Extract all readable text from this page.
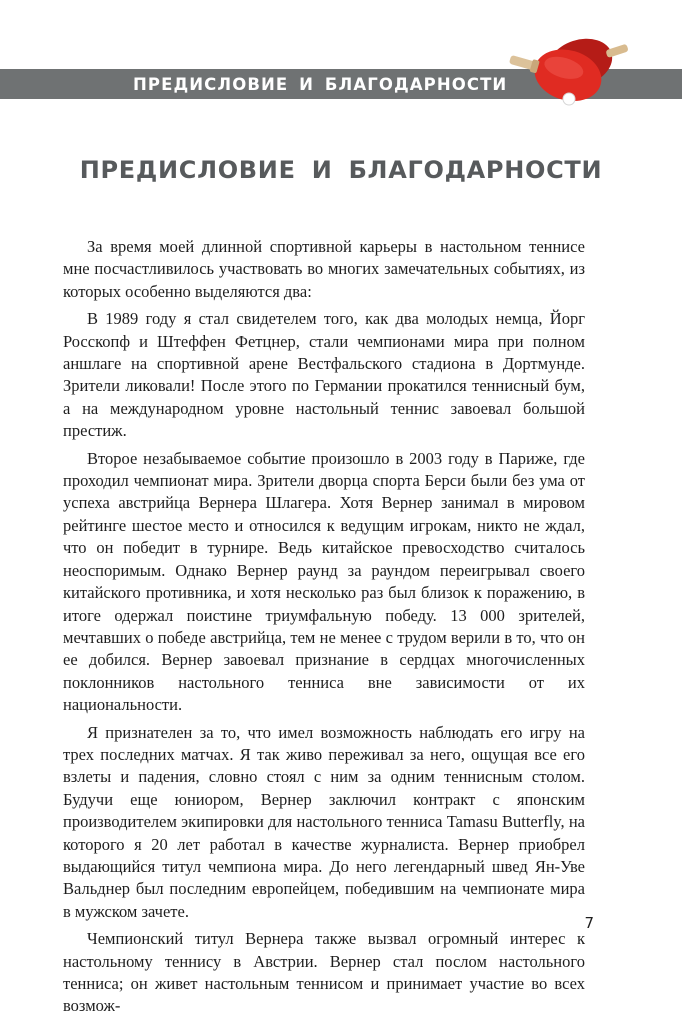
ПРЕДИСЛОВИЕ И БЛАГОДАРНОСТИ
ПРЕДИСЛОВИЕ И БЛАГОДАРНОСТИ

За время моей длинной спортивной карьеры в настольном теннисе мне посчастливилось участвовать во многих замечательных событиях, из которых особенно выделяются два:

В 1989 году я стал свидетелем того, как два молодых немца, Йорг Росскопф и Штеффен Фетцнер, стали чемпионами мира при полном аншлаге на спортивной арене Вестфальского стадиона в Дортмунде. Зрители ликовали! После этого по Германии прокатился теннисный бум, а на международном уровне настольный теннис завоевал большой престиж.

Второе незабываемое событие произошло в 2003 году в Париже, где проходил чемпионат мира. Зрители дворца спорта Берси были без ума от успеха австрийца Вернера Шлагера. Хотя Вернер занимал в мировом рейтинге шестое место и относился к ведущим игрокам, никто не ждал, что он победит в турнире. Ведь китайское превосходство считалось неоспоримым. Однако Вернер раунд за раундом переигрывал своего китайского противника, и хотя несколько раз был близок к поражению, в итоге одержал поистине триумфальную победу. 13 000 зрителей, мечтавших о победе австрийца, тем не менее с трудом верили в то, что он ее добился. Вернер завоевал признание в сердцах многочисленных поклонников настольного тенниса вне зависимости от их национальности.

Я признателен за то, что имел возможность наблюдать его игру на трех последних матчах. Я так живо переживал за него, ощущая все его взлеты и падения, словно стоял с ним за одним теннисным столом. Будучи еще юниором, Вернер заключил контракт с японским производителем экипировки для настольного тенниса Tamasu Butterfly, на которого я 20 лет работал в качестве журналиста. Вернер приобрел выдающийся титул чемпиона мира. До него легендарный швед Ян-Уве Вальднер был последним европейцем, победившим на чемпионате мира в мужском зачете.

Чемпионский титул Вернера также вызвал огромный интерес к настольному теннису в Австрии. Вернер стал послом настольного тенниса; он живет настольным теннисом и принимает участие во всех возмож-

7
